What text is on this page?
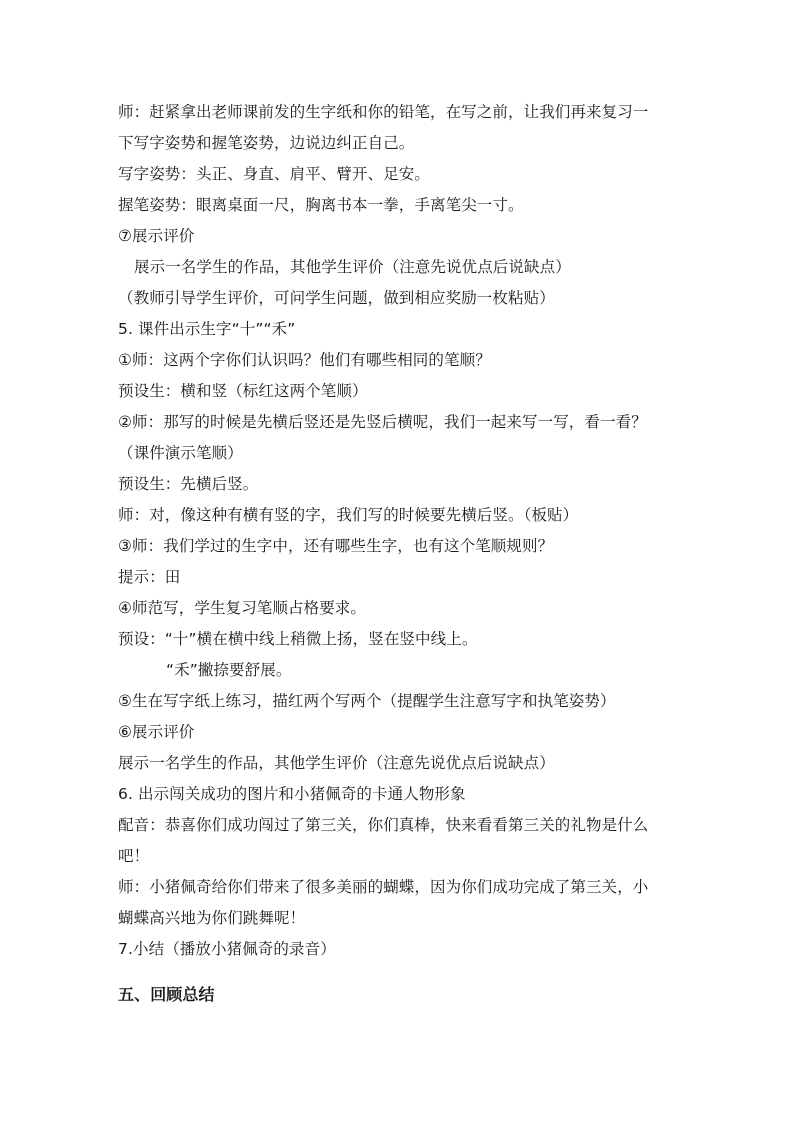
师：赶紧拿出老师课前发的生字纸和你的铅笔，在写之前，让我们再来复习一
下写字姿势和握笔姿势，边说边纠正自己。
写字姿势：头正、身直、肩平、臂开、足安。
握笔姿势：眼离桌面一尺，胸离书本一拳，手离笔尖一寸。
⑦展示评价
展示一名学生的作品，其他学生评价（注意先说优点后说缺点）
（教师引导学生评价，可问学生问题，做到相应奖励一枚粘贴）
5. 课件出示生字“十”“禾”
①师：这两个字你们认识吗？他们有哪些相同的笔顺？
预设生：横和竖（标红这两个笔顺）
②师：那写的时候是先横后竖还是先竖后横呢，我们一起来写一写，看一看？
（课件演示笔顺）
预设生：先横后竖。
师：对，像这种有横有竖的字，我们写的时候要先横后竖。（板贴）
③师：我们学过的生字中，还有哪些生字，也有这个笔顺规则？
提示：田
④师范写，学生复习笔顺占格要求。
预设：“十”横在横中线上稍微上扬，竖在竖中线上。
“禾”撇捺要舒展。
⑤生在写字纸上练习，描红两个写两个（提醒学生注意写字和执笔姿势）
⑥展示评价
展示一名学生的作品，其他学生评价（注意先说优点后说缺点）
6. 出示闯关成功的图片和小猪佩奇的卡通人物形象
配音：恭喜你们成功闯过了第三关，你们真棒，快来看看第三关的礼物是什么
吧！
师：小猪佩奇给你们带来了很多美丽的蝴蝶，因为你们成功完成了第三关，小
蝴蝶高兴地为你们跳舞呢！
7.小结（播放小猪佩奇的录音）
五、回顾总结
